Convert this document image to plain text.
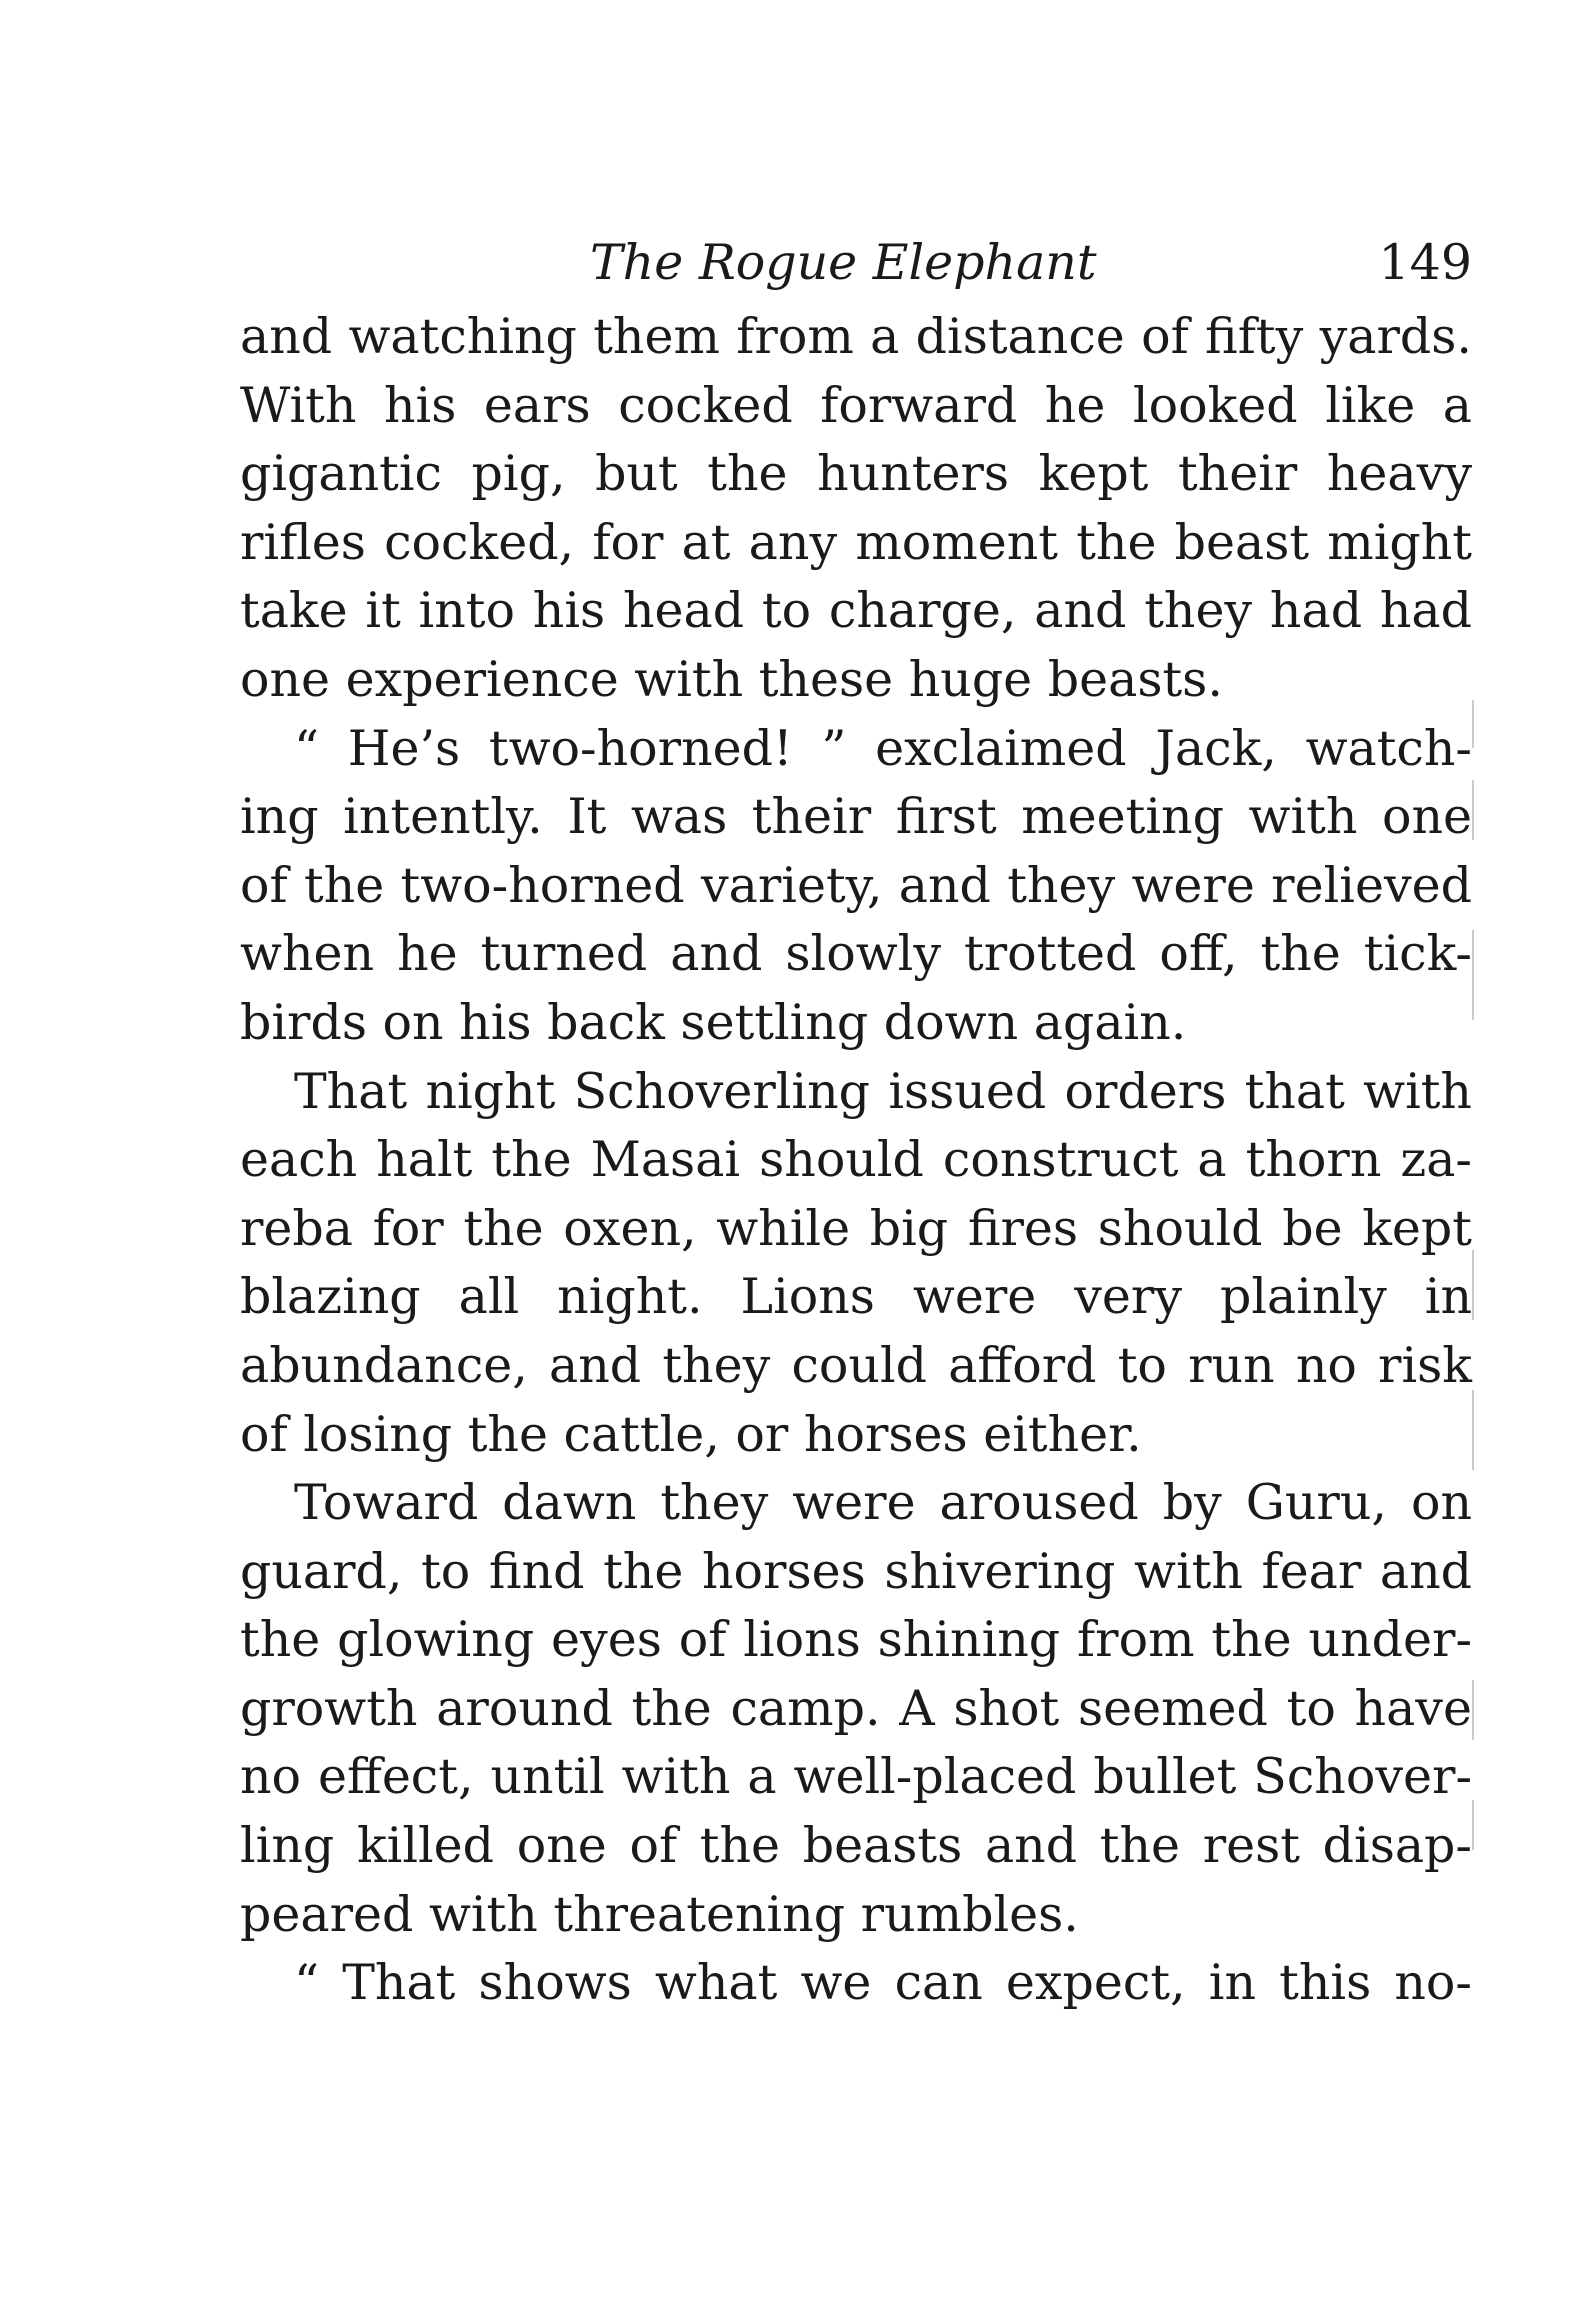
The Rogue Elephant	149
and watching them from a distance of fifty yards.
With his ears cocked forward he looked like a
gigantic pig, but the hunters kept their heavy
rifles cocked, for at any moment the beast might
take it into his head to charge, and they had had
one experience with these huge beasts.
“ He’s two-horned! ” exclaimed Jack, watch-
ing intently. It was their first meeting with one
of the two-horned variety, and they were relieved
when he turned and slowly trotted off, the tick-
birds on his back settling down again.
That night Schoverling issued orders that with
each halt the Masai should construct a thorn za-
reba for the oxen, while big fires should be kept
blazing all night. Lions were very plainly in
abundance, and they could afford to run no risk
of losing the cattle, or horses either.
Toward dawn they were aroused by Guru, on
guard, to find the horses shivering with fear and
the glowing eyes of lions shining from the under-
growth around the camp. A shot seemed to have
no effect, until with a well-placed bullet Schover-
ling killed one of the beasts and the rest disap-
peared with threatening rumbles.
“ That shows what we can expect, in this no-
